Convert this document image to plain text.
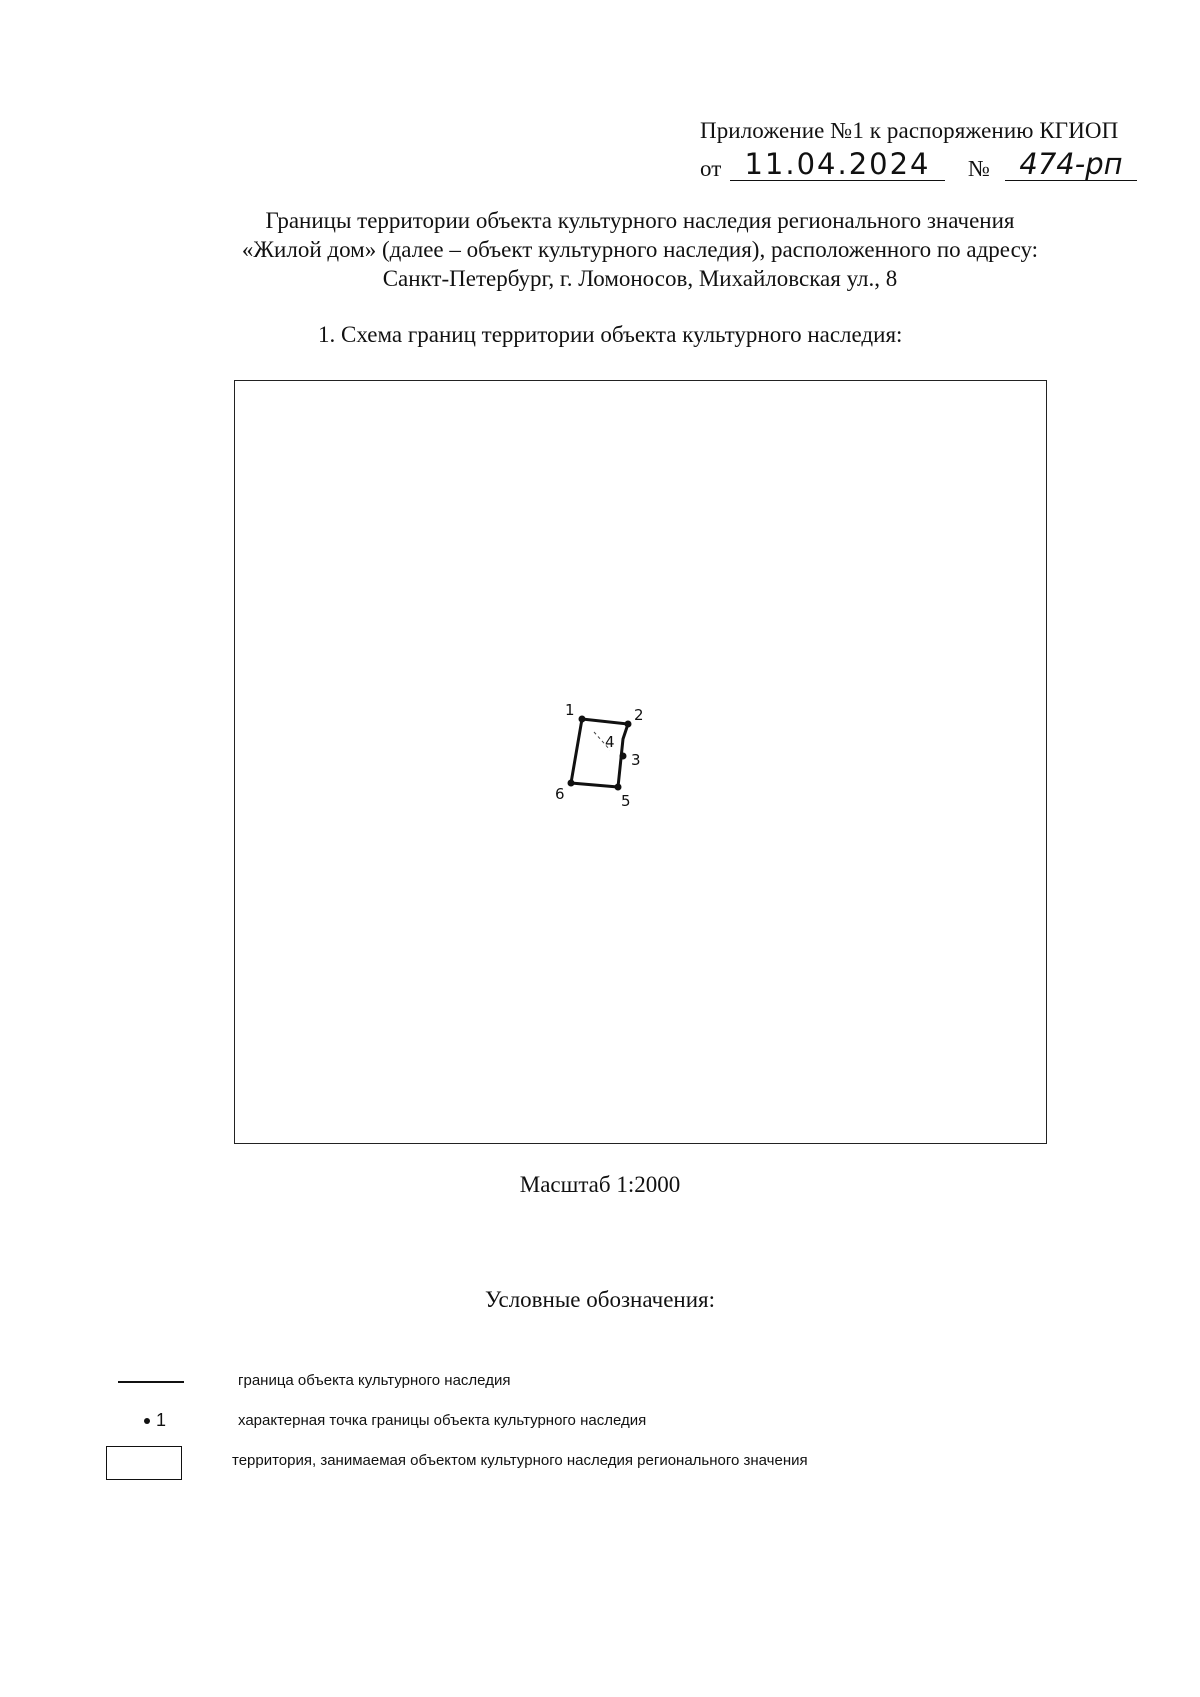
Приложение №1 к распоряжению КГИОП
от 11.04.2024	№	474-рп
Границы территории объекта культурного наследия регионального значения
«Жилой дом» (далее – объект культурного наследия), расположенного по адресу:
Санкт-Петербург, г. Ломоносов, Михайловская ул., 8
1. Схема границ территории объекта культурного наследия:
1	2
3
4
5
6
Масштаб 1:2000
Условные обозначения:
граница объекта культурного наследия
1	характерная точка границы объекта культурного наследия
территория, занимаемая объектом культурного наследия регионального значения
